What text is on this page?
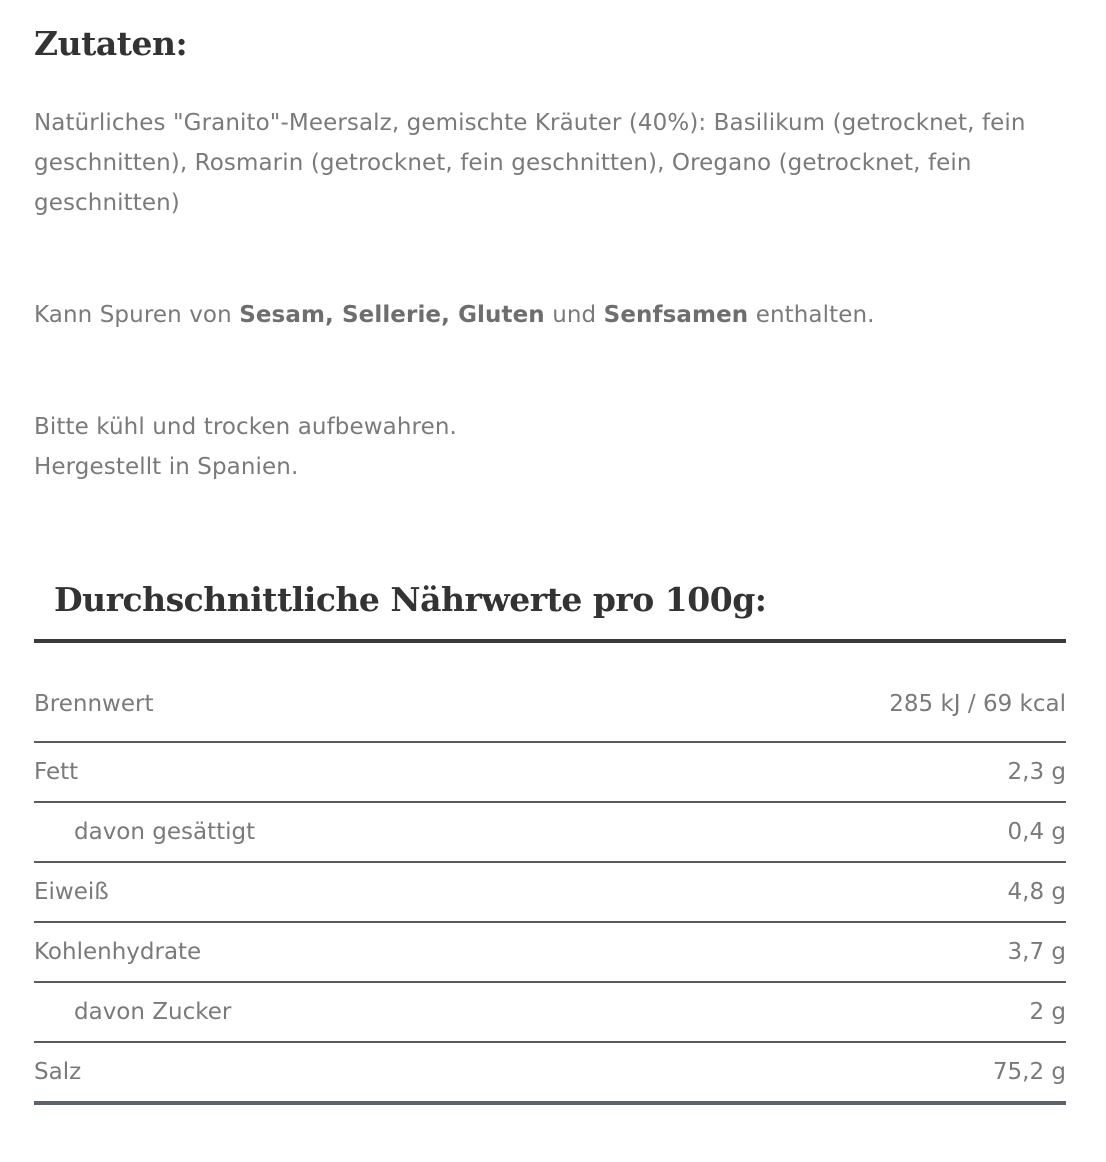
Zutaten:

Natürliches "Granito"-Meersalz, gemischte Kräuter (40%): Basilikum (getrocknet, fein geschnitten), Rosmarin (getrocknet, fein geschnitten), Oregano (getrocknet, fein geschnitten)

Kann Spuren von Sesam, Sellerie, Gluten und Senfsamen enthalten.

Bitte kühl und trocken aufbewahren.

Hergestellt in Spanien.

Durchschnittliche Nährwerte pro 100g:
Brennwert	285 kJ / 69 kcal
Fett	2,3 g
davon gesättigt	0,4 g
Eiweiß	4,8 g
Kohlenhydrate	3,7 g
davon Zucker	2 g
Salz	75,2 g
